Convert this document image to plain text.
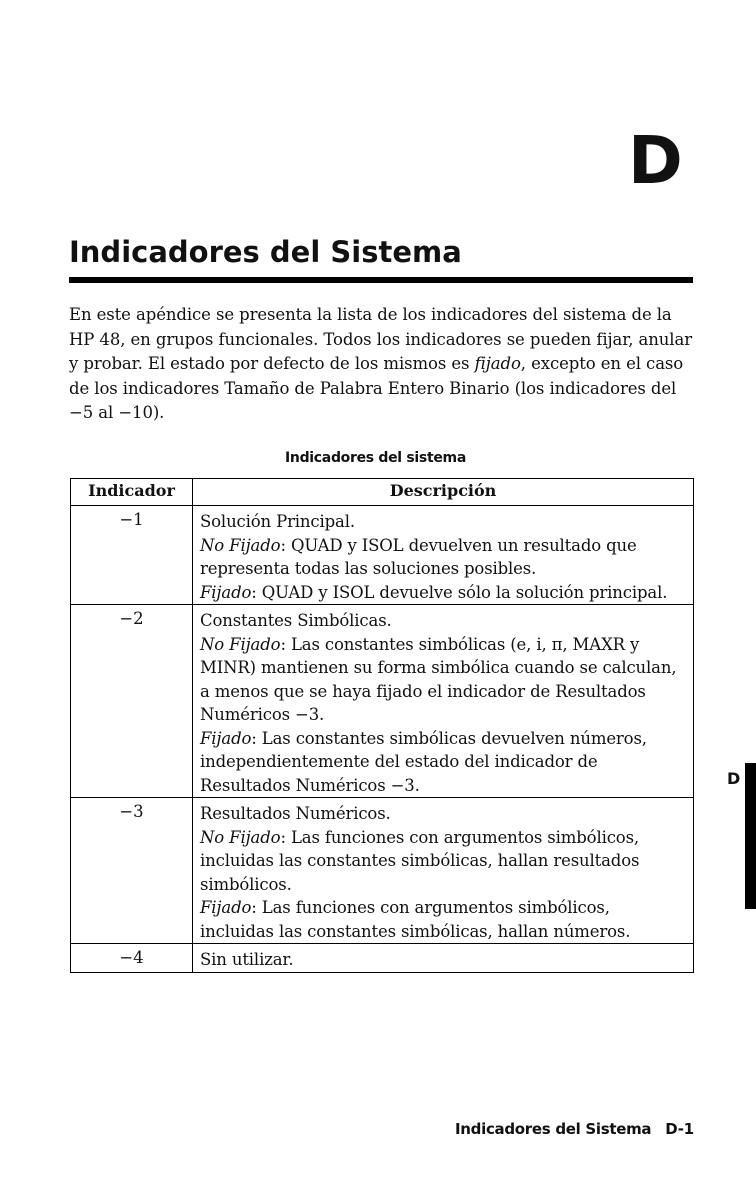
D
Indicadores del Sistema

En este apéndice se presenta la lista de los indicadores del sistema de la HP 48, en grupos funcionales. Todos los indicadores se pueden fijar, anular y probar. El estado por defecto de los mismos es fijado, excepto en el caso de los indicadores Tamaño de Palabra Entero Binario (los indicadores del −5 al −10).

Indicadores del sistema
Indicador	Descripción
−1	Solución Principal.

No Fijado: QUAD y ISOL devuelven un resultado que representa todas las soluciones posibles.

Fijado: QUAD y ISOL devuelve sólo la solución principal.

−2	Constantes Simbólicas.

No Fijado: Las constantes simbólicas (e, i, π, MAXR y MINR) mantienen su forma simbólica cuando se calculan, a menos que se haya fijado el indicador de Resultados Numéricos −3.

Fijado: Las constantes simbólicas devuelven números, independientemente del estado del indicador de Resultados Numéricos −3.

−3	Resultados Numéricos.

No Fijado: Las funciones con argumentos simbólicos, incluidas las constantes simbólicas, hallan resultados simbólicos.

Fijado: Las funciones con argumentos simbólicos, incluidas las constantes simbólicas, hallan números.

−4	Sin utilizar.

D
Indicadores del Sistema D-1
